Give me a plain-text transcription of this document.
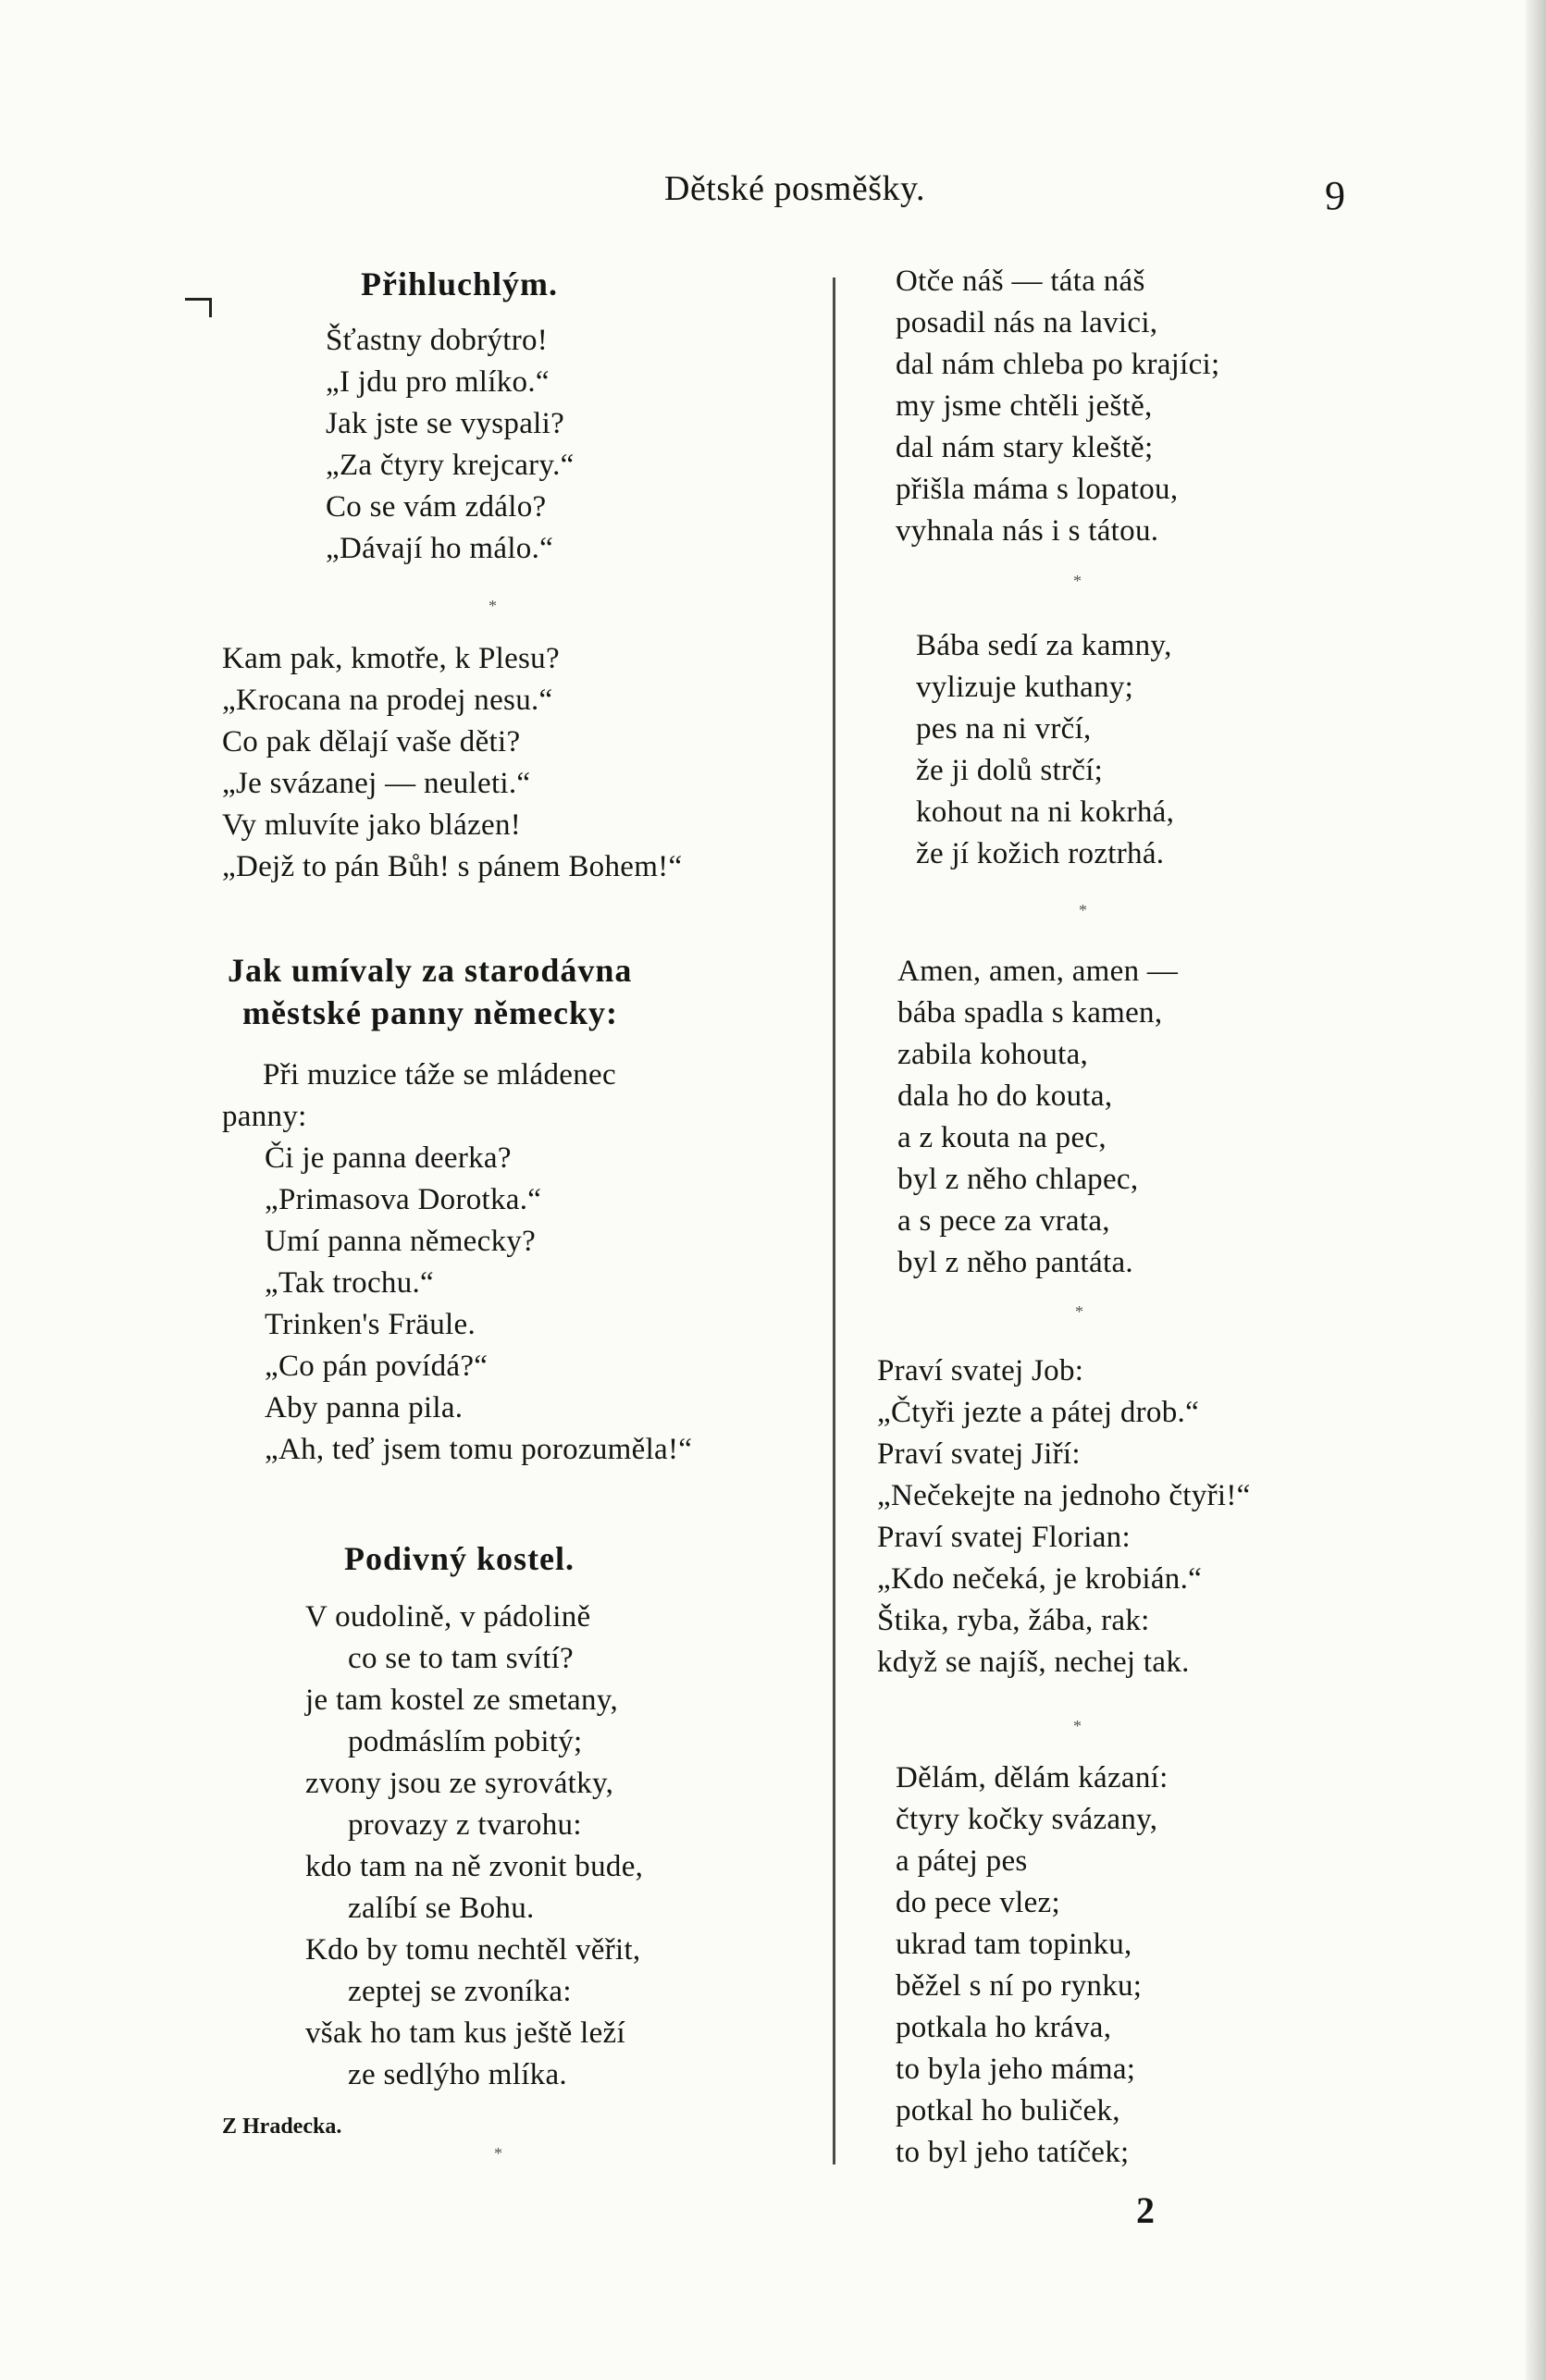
Dětské posměšky.	9
Přihluchlým.
Šťastny dobrýtro!
„I jdu pro mlíko.“
Jak jste se vyspali?
„Za čtyry krejcary.“
Co se vám zdálo?
„Dávají ho málo.“
*
Kam pak, kmotře, k Plesu?
„Krocana na prodej nesu.“
Co pak dělají vaše děti?
„Je svázanej — neuleti.“
Vy mluvíte jako blázen!
„Dejž to pán Bůh! s pánem Bohem!“
Jak umívaly za starodávna
městské panny německy:
Při muzice táže se mládenec
panny:
Či je panna deerka?
„Primasova Dorotka.“
Umí panna německy?
„Tak trochu.“
Trinken's Fräule.
„Co pán povídá?“
Aby panna pila.
„Ah, teď jsem tomu porozuměla!“
Podivný kostel.
V oudolině, v pádolině
co se to tam svítí?
je tam kostel ze smetany,
podmáslím pobitý;
zvony jsou ze syrovátky,
provazy z tvarohu:
kdo tam na ně zvonit bude,
zalíbí se Bohu.
Kdo by tomu nechtěl věřit,
zeptej se zvoníka:
však ho tam kus ještě leží
ze sedlýho mlíka.
Z Hradecka.
*
Otče náš — táta náš
posadil nás na lavici,
dal nám chleba po krajíci;
my jsme chtěli ještě,
dal nám stary kleště;
přišla máma s lopatou,
vyhnala nás i s tátou.
*
Bába sedí za kamny,
vylizuje kuthany;
pes na ni vrčí,
že ji dolů strčí;
kohout na ni kokrhá,
že jí kožich roztrhá.
*
Amen, amen, amen —
bába spadla s kamen,
zabila kohouta,
dala ho do kouta,
a z kouta na pec,
byl z něho chlapec,
a s pece za vrata,
byl z něho pantáta.
*
Praví svatej Job:
„Čtyři jezte a pátej drob.“
Praví svatej Jiří:
„Nečekejte na jednoho čtyři!“
Praví svatej Florian:
„Kdo nečeká, je krobián.“
Štika, ryba, žába, rak:
když se najíš, nechej tak.
*
Dělám, dělám kázaní:
čtyry kočky svázany,
a pátej pes
do pece vlez;
ukrad tam topinku,
běžel s ní po rynku;
potkala ho kráva,
to byla jeho máma;
potkal ho buliček,
to byl jeho tatíček;
2
